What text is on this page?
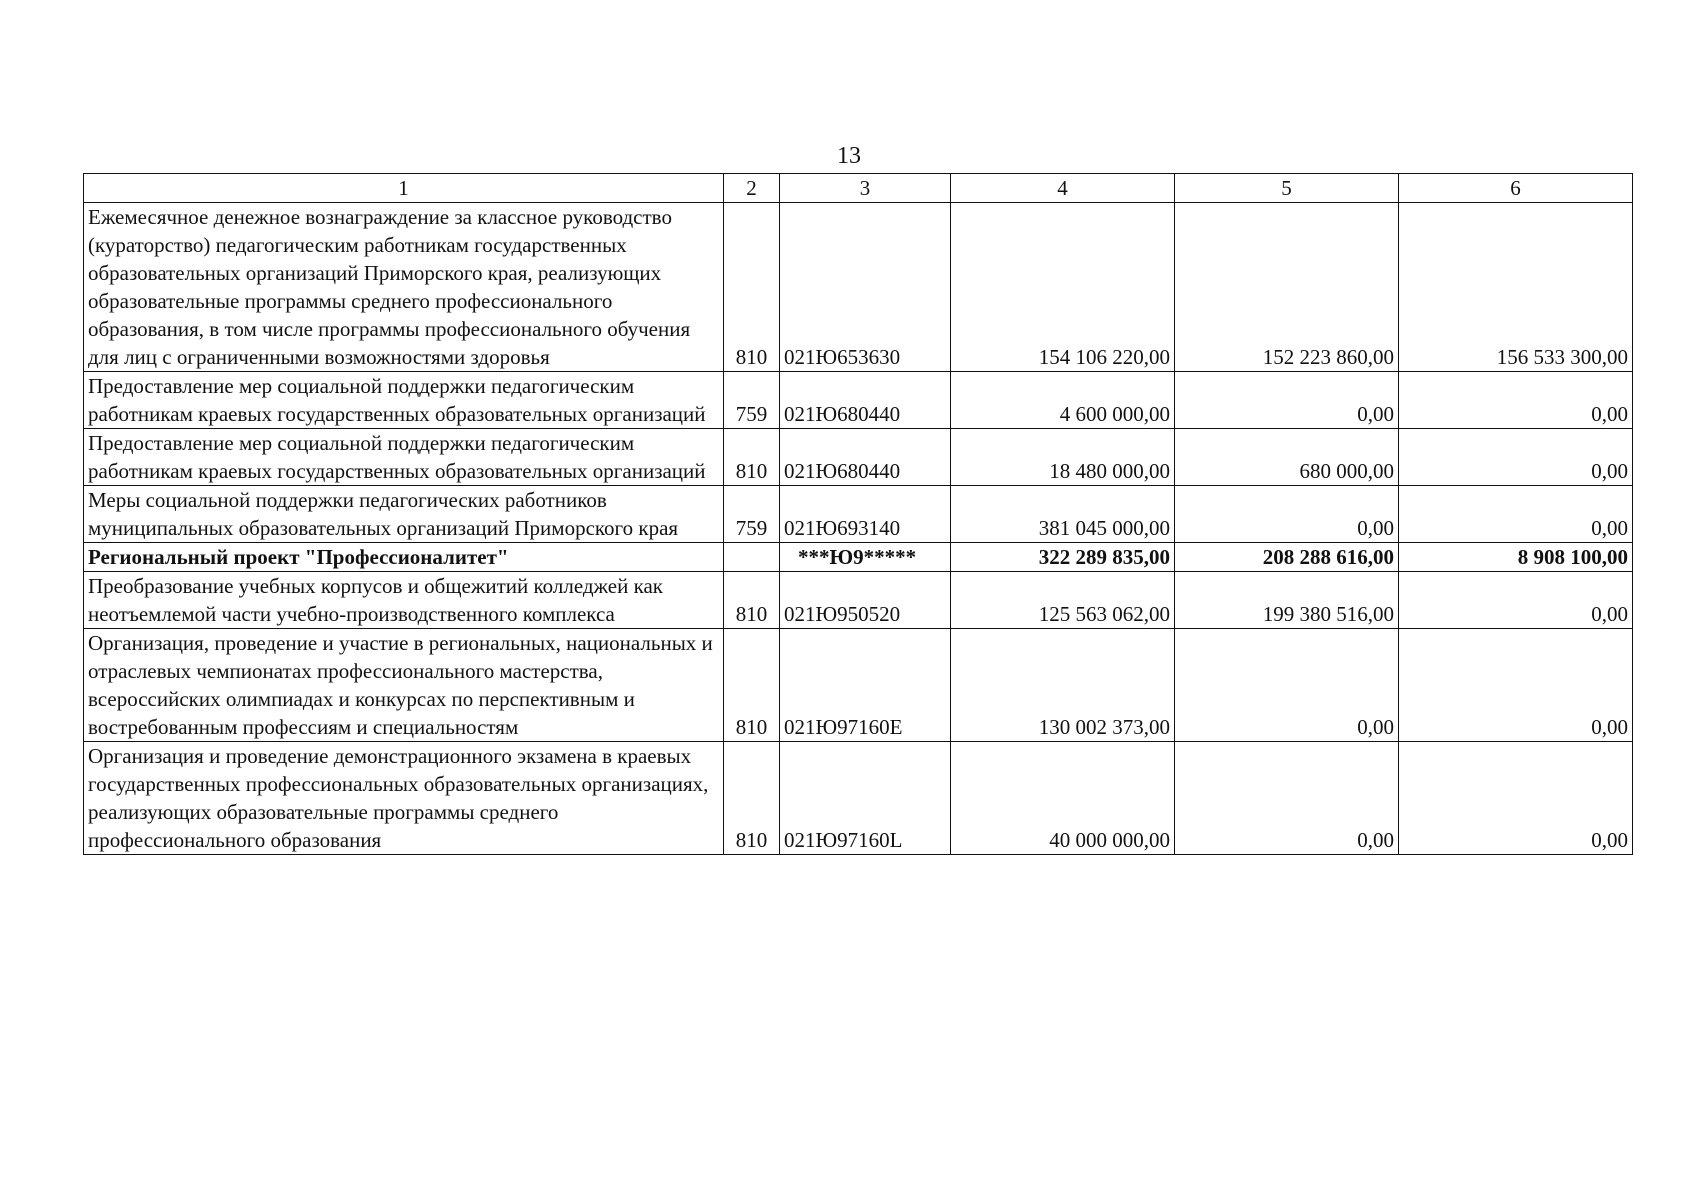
13
1	2	3	4	5	6
Ежемесячное денежное вознаграждение за классное руководство (кураторство) педагогическим работникам государственных образовательных организаций Приморского края, реализующих образовательные программы среднего профессионального образования, в том числе программы профессионального обучения для лиц с ограниченными возможностями здоровья	810	021Ю653630	154 106 220,00	152 223 860,00	156 533 300,00
Предоставление мер социальной поддержки педагогическим работникам краевых государственных образовательных организаций	759	021Ю680440	4 600 000,00	0,00	0,00
Предоставление мер социальной поддержки педагогическим работникам краевых государственных образовательных организаций	810	021Ю680440	18 480 000,00	680 000,00	0,00
Меры социальной поддержки педагогических работников муниципальных образовательных организаций Приморского края	759	021Ю693140	381 045 000,00	0,00	0,00
Региональный проект "Профессионалитет"		***Ю9*****	322 289 835,00	208 288 616,00	8 908 100,00
Преобразование учебных корпусов и общежитий колледжей как неотъемлемой части учебно-производственного комплекса	810	021Ю950520	125 563 062,00	199 380 516,00	0,00
Организация, проведение и участие в региональных, национальных и отраслевых чемпионатах профессионального мастерства, всероссийских олимпиадах и конкурсах по перспективным и востребованным профессиям и специальностям	810	021Ю97160Е	130 002 373,00	0,00	0,00
Организация и проведение демонстрационного экзамена в краевых государственных профессиональных образовательных организациях, реализующих образовательные программы среднего профессионального образования	810	021Ю97160L	40 000 000,00	0,00	0,00
